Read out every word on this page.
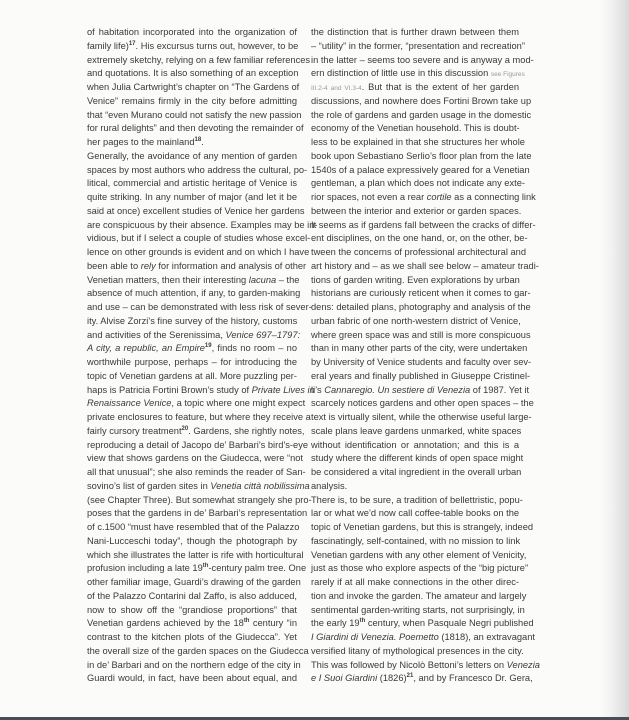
of habitation incorporated into the organization of
family life)$^{17}$. His excursus turns out, however, to be
extremely sketchy, relying on a few familiar references
and quotations. It is also something of an exception
when Julia Cartwright’s chapter on “The Gardens of
Venice” remains firmly in the city before admitting
that “even Murano could not satisfy the new passion
for rural delights” and then devoting the remainder of
her pages to the mainland$^{18}$.
Generally, the avoidance of any mention of garden
spaces by most authors who address the cultural, po-
litical, commercial and artistic heritage of Venice is
quite striking. In any number of major (and let it be
said at once) excellent studies of Venice her gardens
are conspicuous by their absence. Examples may be in-
vidious, but if I select a couple of studies whose excel-
lence on other grounds is evident and on which I have
been able to rely for information and analysis of other
Venetian matters, then their interesting lacuna – the
absence of much attention, if any, to garden-making
and use – can be demonstrated with less risk of sever-
ity. Alvise Zorzi’s fine survey of the history, customs
and activities of the Serenissima, Venice 697–1797:
A city, a republic, an Empire$^{19}$, finds no room – no
worthwhile purpose, perhaps – for introducing the
topic of Venetian gardens at all. More puzzling per-
haps is Patricia Fortini Brown’s study of Private Lives in
Renaissance Venice, a topic where one might expect
private enclosures to feature, but where they receive a
fairly cursory treatment$^{20}$. Gardens, she rightly notes,
reproducing a detail of Jacopo de’ Barbari’s bird’s-eye
view that shows gardens on the Giudecca, were “not
all that unusual”; she also reminds the reader of San-
sovino’s list of garden sites in Venetia città nobilissima
(see Chapter Three). But somewhat strangely she pro-
poses that the gardens in de’ Barbari’s representation
of c.1500 “must have resembled that of the Palazzo
Nani-Lucceschi today”, though the photograph by
which she illustrates the latter is rife with horticultural
profusion including a late 19th-century palm tree. One
other familiar image, Guardi’s drawing of the garden
of the Palazzo Contarini dal Zaffo, is also adduced,
now to show off the “grandiose proportions” that
Venetian gardens achieved by the 18th century “in
contrast to the kitchen plots of the Giudecca”. Yet
the overall size of the garden spaces on the Giudecca
in de’ Barbari and on the northern edge of the city in
Guardi would, in fact, have been about equal, and
the distinction that is further drawn between them
– “utility” in the former, “presentation and recreation”
in the latter – seems too severe and is anyway a mod-
ern distinction of little use in this discussion see Figures
III.2-4 and VI.3-4. But that is the extent of her garden
discussions, and nowhere does Fortini Brown take up
the role of gardens and garden usage in the domestic
economy of the Venetian household. This is doubt-
less to be explained in that she structures her whole
book upon Sebastiano Serlio’s floor plan from the late
1540s of a palace expressively geared for a Venetian
gentleman, a plan which does not indicate any exte-
rior spaces, not even a rear cortile as a connecting link
between the interior and exterior or garden spaces.
It seems as if gardens fall between the cracks of differ-
ent disciplines, on the one hand, or, on the other, be-
tween the concerns of professional architectural and
art history and – as we shall see below – amateur tradi-
tions of garden writing. Even explorations by urban
historians are curiously reticent when it comes to gar-
dens: detailed plans, photography and analysis of the
urban fabric of one north-western district of Venice,
where green space was and still is more conspicuous
than in many other parts of the city, were undertaken
by University of Venice students and faculty over sev-
eral years and finally published in Giuseppe Cristinel-
li’s Cannaregio. Un sestiere di Venezia of 1987. Yet it
scarcely notices gardens and other open spaces – the
text is virtually silent, while the otherwise useful large-
scale plans leave gardens unmarked, white spaces
without identification or annotation; and this is a
study where the different kinds of open space might
be considered a vital ingredient in the overall urban
analysis.
There is, to be sure, a tradition of bellettristic, popu-
lar or what we’d now call coffee-table books on the
topic of Venetian gardens, but this is strangely, indeed
fascinatingly, self-contained, with no mission to link
Venetian gardens with any other element of Venicity,
just as those who explore aspects of the “big picture”
rarely if at all make connections in the other direc-
tion and invoke the garden. The amateur and largely
sentimental garden-writing starts, not surprisingly, in
the early 19th century, when Pasquale Negri published
I Giardini di Venezia. Poemetto (1818), an extravagant
versified litany of mythological presences in the city.
This was followed by Nicolò Bettoni’s letters on Venezia
e I Suoi Giardini $(1826)^{21}$, and by Francesco Dr. Gera,
